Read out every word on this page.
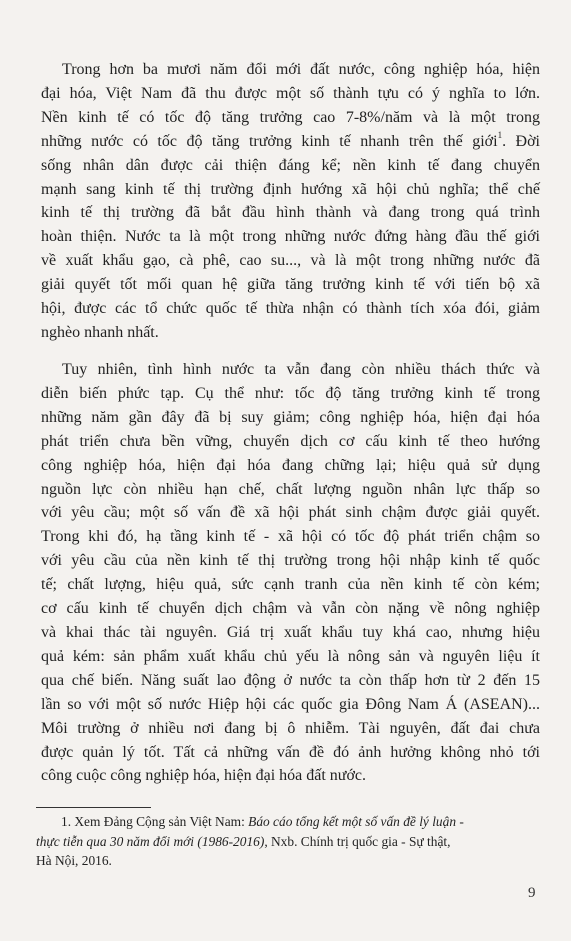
Trong hơn ba mươi năm đổi mới đất nước, công nghiệp hóa, hiện
đại hóa, Việt Nam đã thu được một số thành tựu có ý nghĩa to lớn.
Nền kinh tế có tốc độ tăng trưởng cao 7-8%/năm và là một trong
những nước có tốc độ tăng trưởng kinh tế nhanh trên thế giới$^1$. Đời
sống nhân dân được cải thiện đáng kể; nền kinh tế đang chuyển
mạnh sang kinh tế thị trường định hướng xã hội chủ nghĩa; thể chế
kinh tế thị trường đã bắt đầu hình thành và đang trong quá trình
hoàn thiện. Nước ta là một trong những nước đứng hàng đầu thế giới
về xuất khẩu gạo, cà phê, cao su..., và là một trong những nước đã
giải quyết tốt mối quan hệ giữa tăng trưởng kinh tế với tiến bộ xã
hội, được các tổ chức quốc tế thừa nhận có thành tích xóa đói, giảm
nghèo nhanh nhất.

Tuy nhiên, tình hình nước ta vẫn đang còn nhiều thách thức và
diễn biến phức tạp. Cụ thể như: tốc độ tăng trưởng kinh tế trong
những năm gần đây đã bị suy giảm; công nghiệp hóa, hiện đại hóa
phát triển chưa bền vững, chuyển dịch cơ cấu kinh tế theo hướng
công nghiệp hóa, hiện đại hóa đang chững lại; hiệu quả sử dụng
nguồn lực còn nhiều hạn chế, chất lượng nguồn nhân lực thấp so
với yêu cầu; một số vấn đề xã hội phát sinh chậm được giải quyết.
Trong khi đó, hạ tầng kinh tế - xã hội có tốc độ phát triển chậm so
với yêu cầu của nền kinh tế thị trường trong hội nhập kinh tế quốc
tế; chất lượng, hiệu quả, sức cạnh tranh của nền kinh tế còn kém;
cơ cấu kinh tế chuyển dịch chậm và vẫn còn nặng về nông nghiệp
và khai thác tài nguyên. Giá trị xuất khẩu tuy khá cao, nhưng hiệu
quả kém: sản phẩm xuất khẩu chủ yếu là nông sản và nguyên liệu ít
qua chế biến. Năng suất lao động ở nước ta còn thấp hơn từ 2 đến 15
lần so với một số nước Hiệp hội các quốc gia Đông Nam Á (ASEAN)...
Môi trường ở nhiều nơi đang bị ô nhiễm. Tài nguyên, đất đai chưa
được quản lý tốt. Tất cả những vấn đề đó ảnh hưởng không nhỏ tới
công cuộc công nghiệp hóa, hiện đại hóa đất nước.

1. Xem Đảng Cộng sản Việt Nam: Báo cáo tổng kết một số vấn đề lý luận -
thực tiễn qua 30 năm đổi mới (1986-2016), Nxb. Chính trị quốc gia - Sự thật,
Hà Nội, 2016.
9
